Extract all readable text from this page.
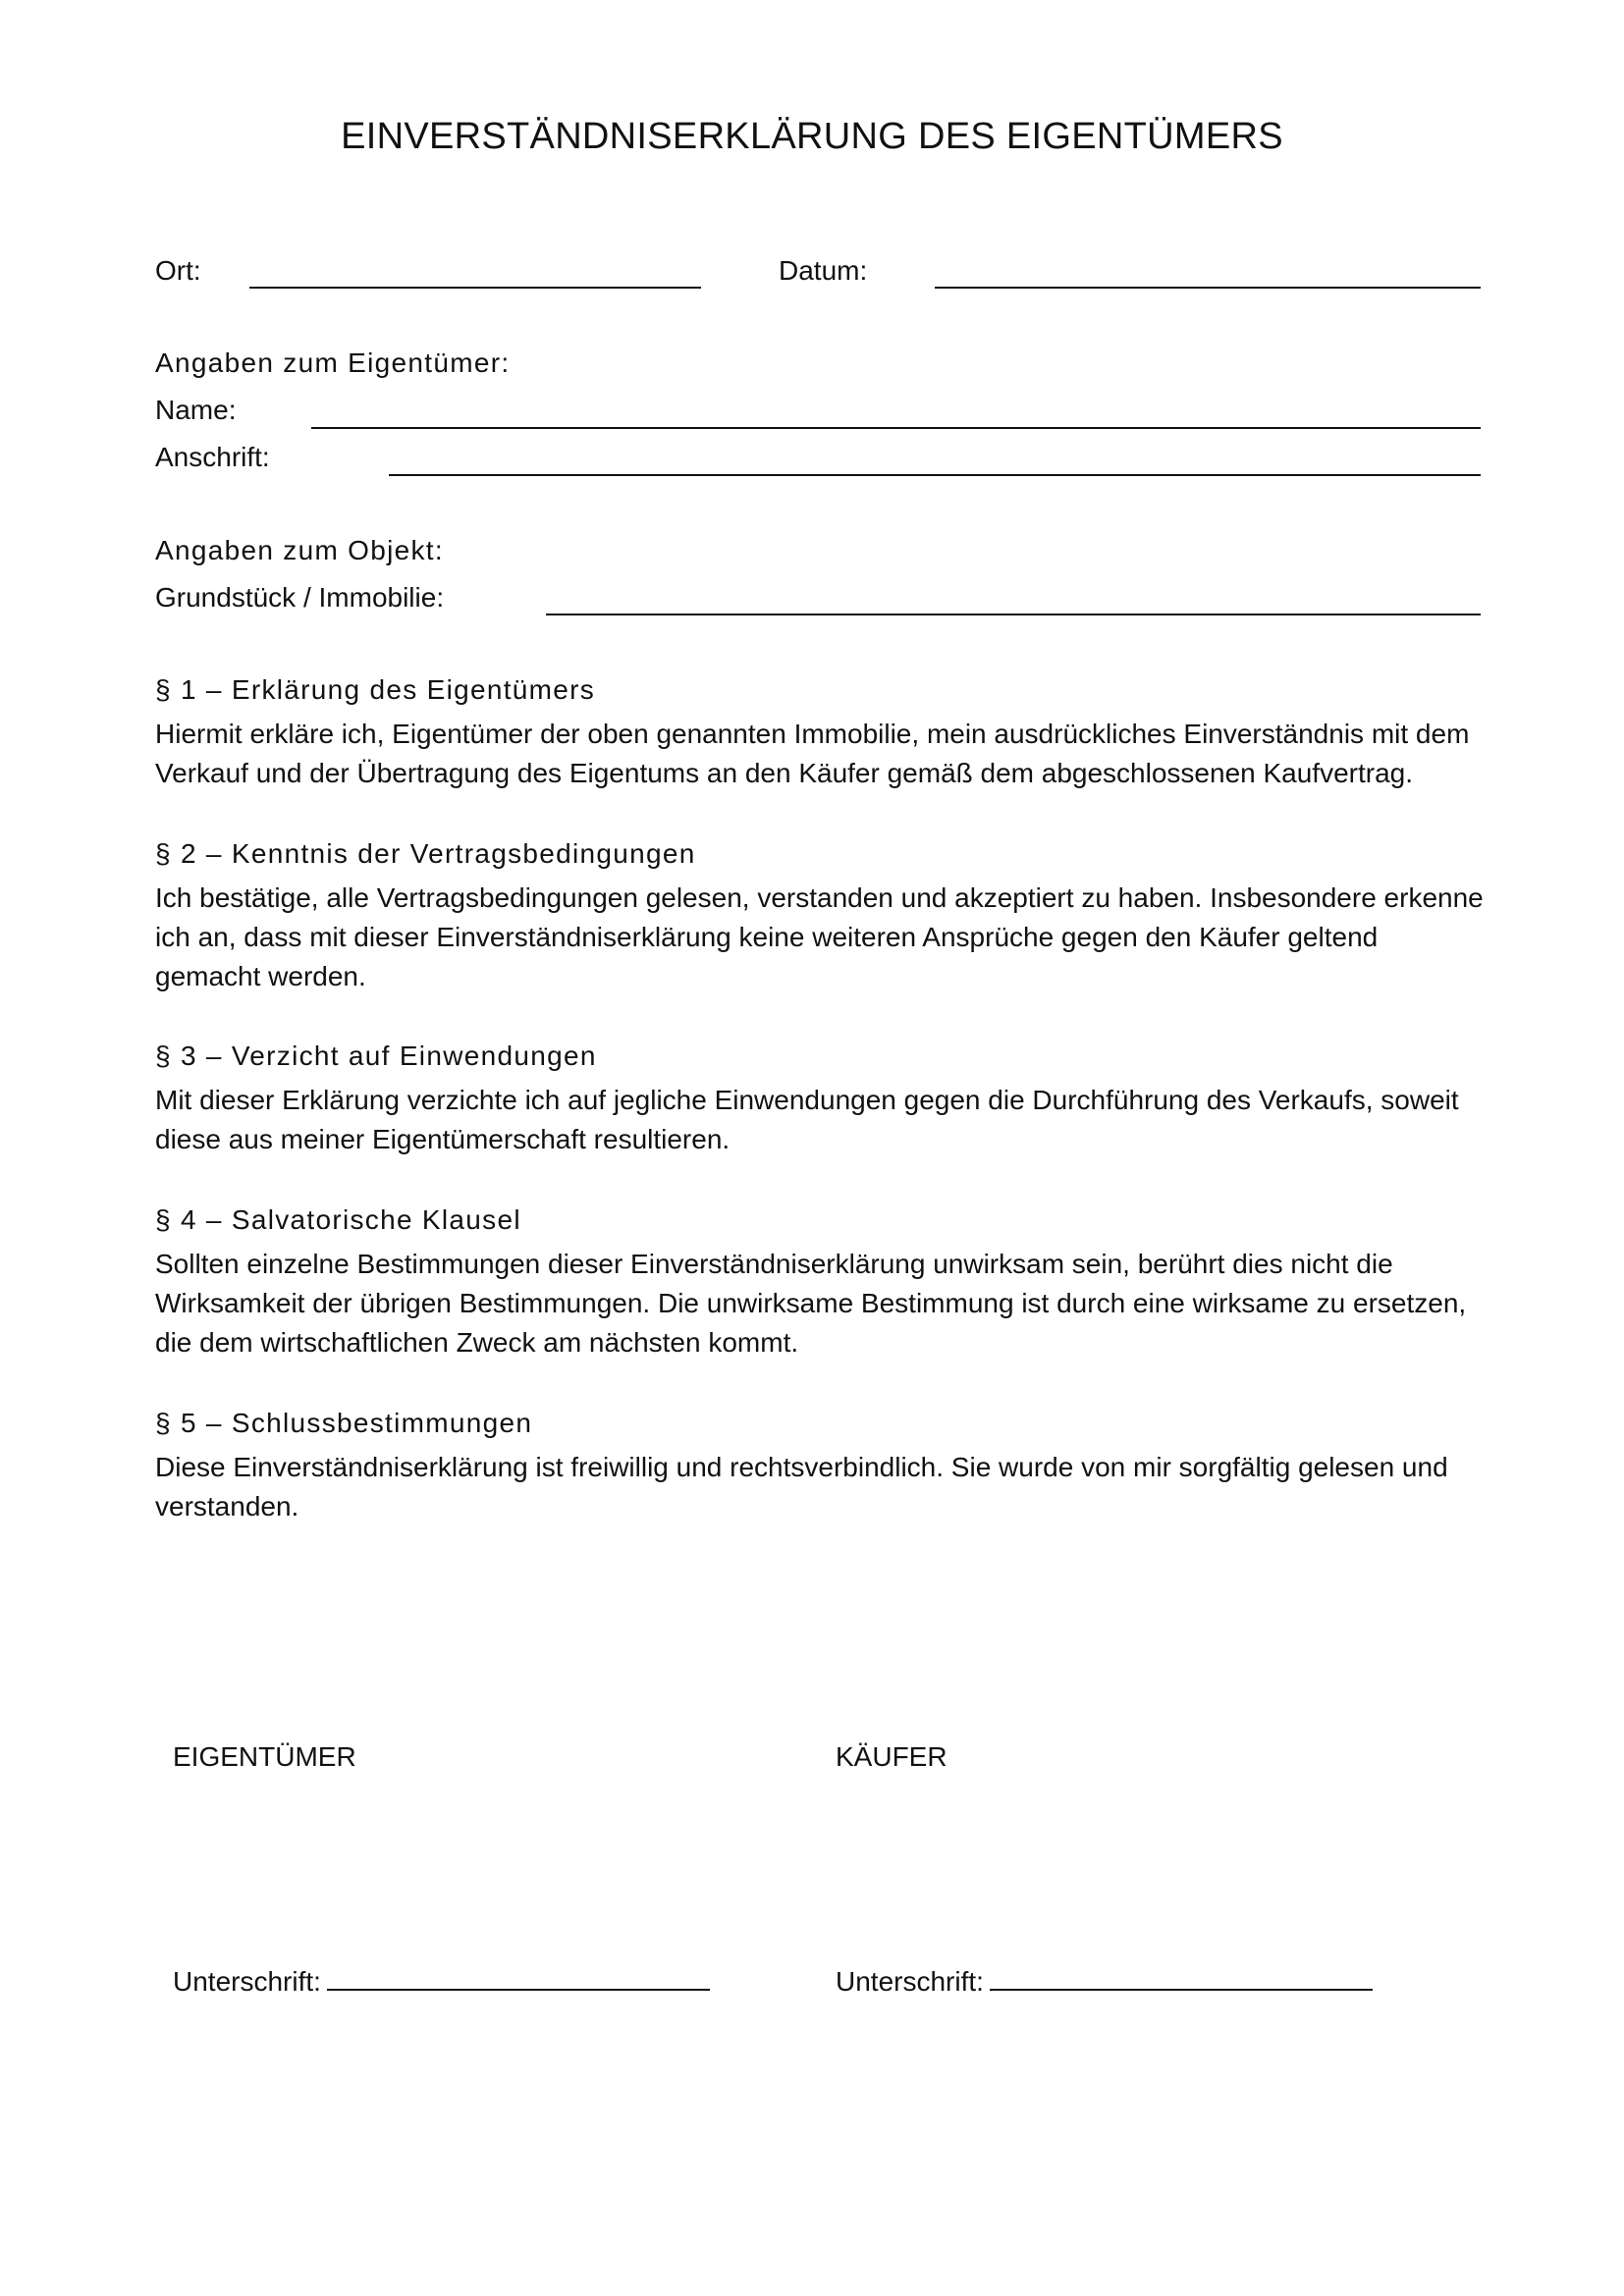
EINVERSTÄNDNISERKLÄRUNG DES EIGENTÜMERS
Ort:	Datum:
Angaben zum Eigentümer:
Name:
Anschrift:
Angaben zum Objekt:
Grundstück / Immobilie:
§ 1 – Erklärung des Eigentümers
Hiermit erkläre ich, Eigentümer der oben genannten Immobilie, mein ausdrückliches Einverständnis mit dem Verkauf und der Übertragung des Eigentums an den Käufer gemäß dem abgeschlossenen Kaufvertrag.
§ 2 – Kenntnis der Vertragsbedingungen
Ich bestätige, alle Vertragsbedingungen gelesen, verstanden und akzeptiert zu haben. Insbesondere erkenne ich an, dass mit dieser Einverständniserklärung keine weiteren Ansprüche gegen den Käufer geltend gemacht werden.
§ 3 – Verzicht auf Einwendungen
Mit dieser Erklärung verzichte ich auf jegliche Einwendungen gegen die Durchführung des Verkaufs, soweit diese aus meiner Eigentümerschaft resultieren.
§ 4 – Salvatorische Klausel
Sollten einzelne Bestimmungen dieser Einverständniserklärung unwirksam sein, berührt dies nicht die Wirksamkeit der übrigen Bestimmungen. Die unwirksame Bestimmung ist durch eine wirksame zu ersetzen, die dem wirtschaftlichen Zweck am nächsten kommt.
§ 5 – Schlussbestimmungen
Diese Einverständniserklärung ist freiwillig und rechtsverbindlich. Sie wurde von mir sorgfältig gelesen und verstanden.
EIGENTÜMER	KÄUFER
Unterschrift:	Unterschrift:
